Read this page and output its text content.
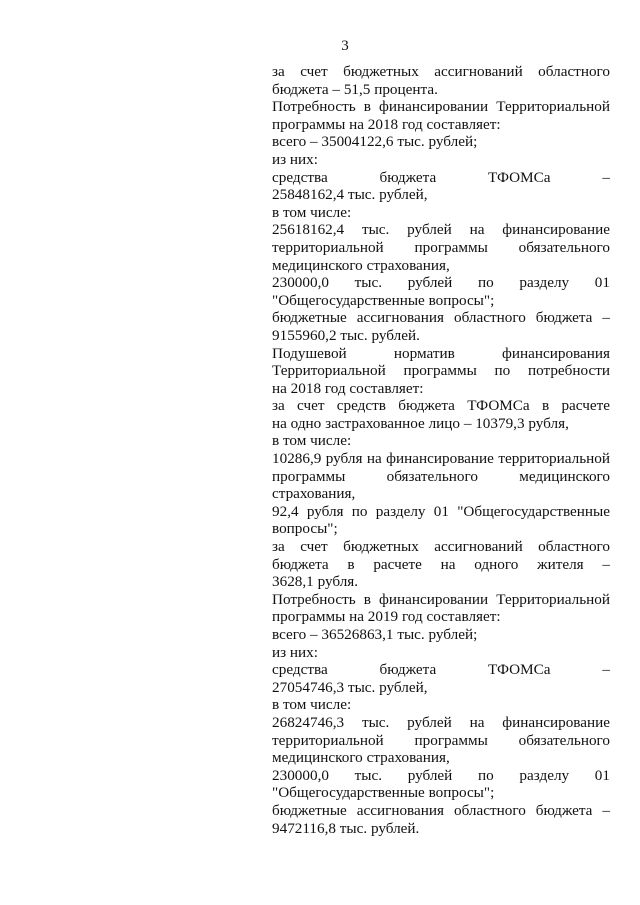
3
за счет бюджетных ассигнований областного
бюджета – 51,5 процента.
Потребность в финансировании Территориальной
программы на 2018 год составляет:
всего – 35004122,6 тыс. рублей;
из них:
средства бюджета ТФОМСа –
25848162,4 тыс. рублей,
в том числе:
25618162,4 тыс. рублей на финансирование
территориальной программы обязательного
медицинского страхования,
230000,0 тыс. рублей по разделу 01
"Общегосударственные вопросы";
бюджетные ассигнования областного бюджета –
9155960,2 тыс. рублей.
Подушевой норматив финансирования
Территориальной программы по потребности
на 2018 год составляет:
за счет средств бюджета ТФОМСа в расчете
на одно застрахованное лицо – 10379,3 рубля,
в том числе:
10286,9 рубля на финансирование территориальной
программы обязательного медицинского
страхования,
92,4 рубля по разделу 01 "Общегосударственные
вопросы";
за счет бюджетных ассигнований областного
бюджета в расчете на одного жителя –
3628,1 рубля.
Потребность в финансировании Территориальной
программы на 2019 год составляет:
всего – 36526863,1 тыс. рублей;
из них:
средства бюджета ТФОМСа –
27054746,3 тыс. рублей,
в том числе:
26824746,3 тыс. рублей на финансирование
территориальной программы обязательного
медицинского страхования,
230000,0 тыс. рублей по разделу 01
"Общегосударственные вопросы";
бюджетные ассигнования областного бюджета –
9472116,8 тыс. рублей.
